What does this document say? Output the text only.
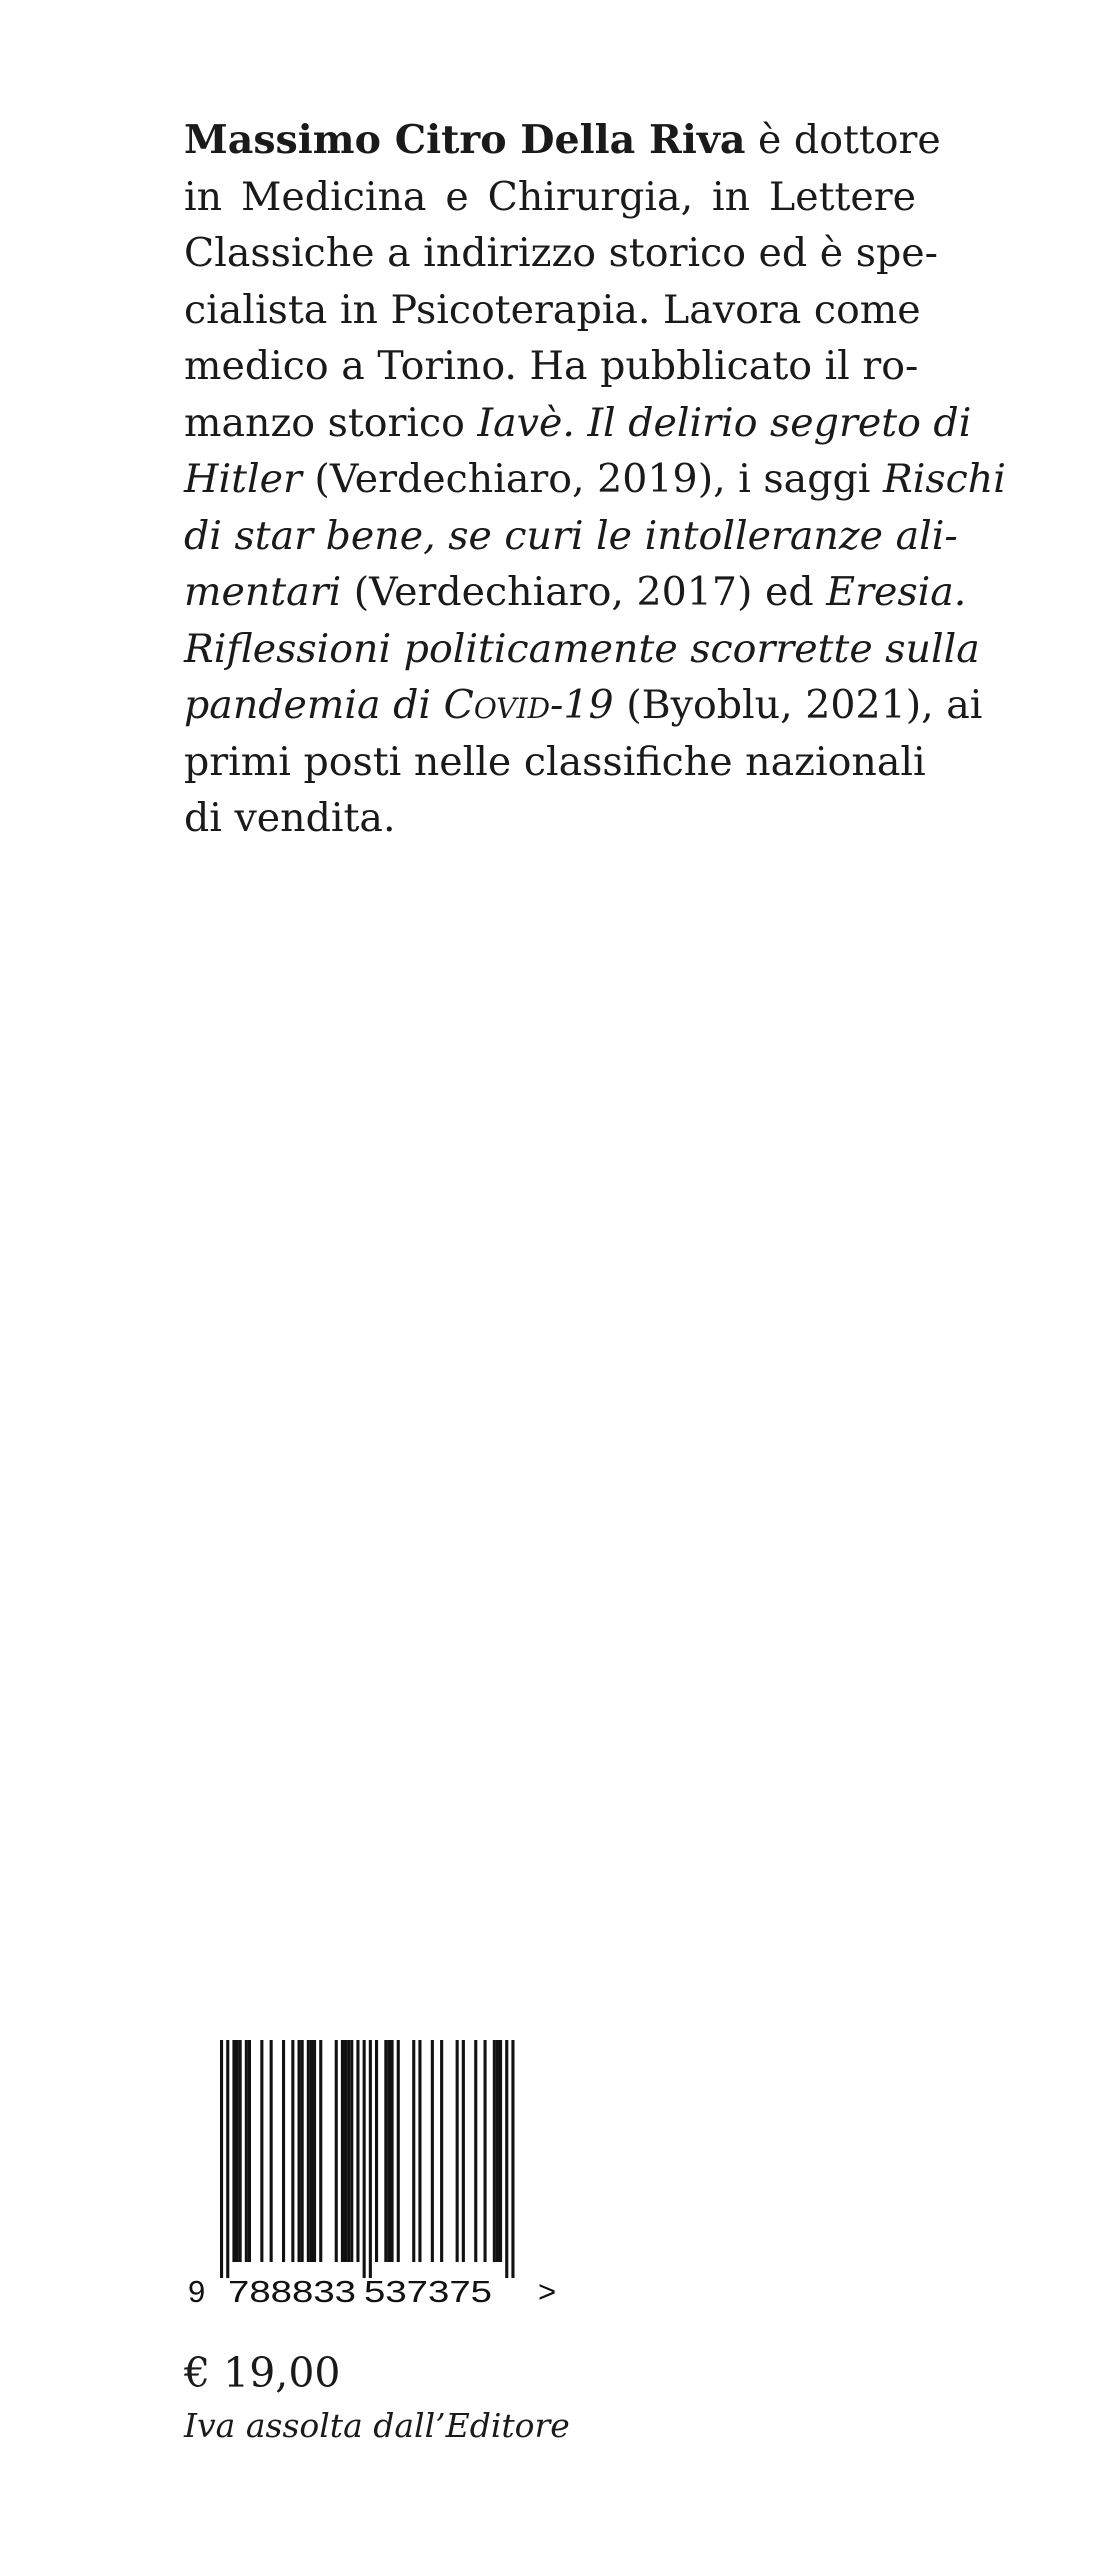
Massimo Citro Della Riva è dottore
in Medicina e Chirurgia, in Lettere
Classiche a indirizzo storico ed è spe-
cialista in Psicoterapia. Lavora come
medico a Torino. Ha pubblicato il ro-
manzo storico Iavè. Il delirio segreto di
Hitler (Verdechiaro, 2019), i saggi Rischi
di star bene, se curi le intolleranze ali-
mentari (Verdechiaro, 2017) ed Eresia.
Riflessioni politicamente scorrette sulla
pandemia di Covid-19 (Byoblu, 2021), ai
primi posti nelle classifiche nazionali
di vendita.
9 788833 537375 >
€ 19,00
Iva assolta dall’Editore
